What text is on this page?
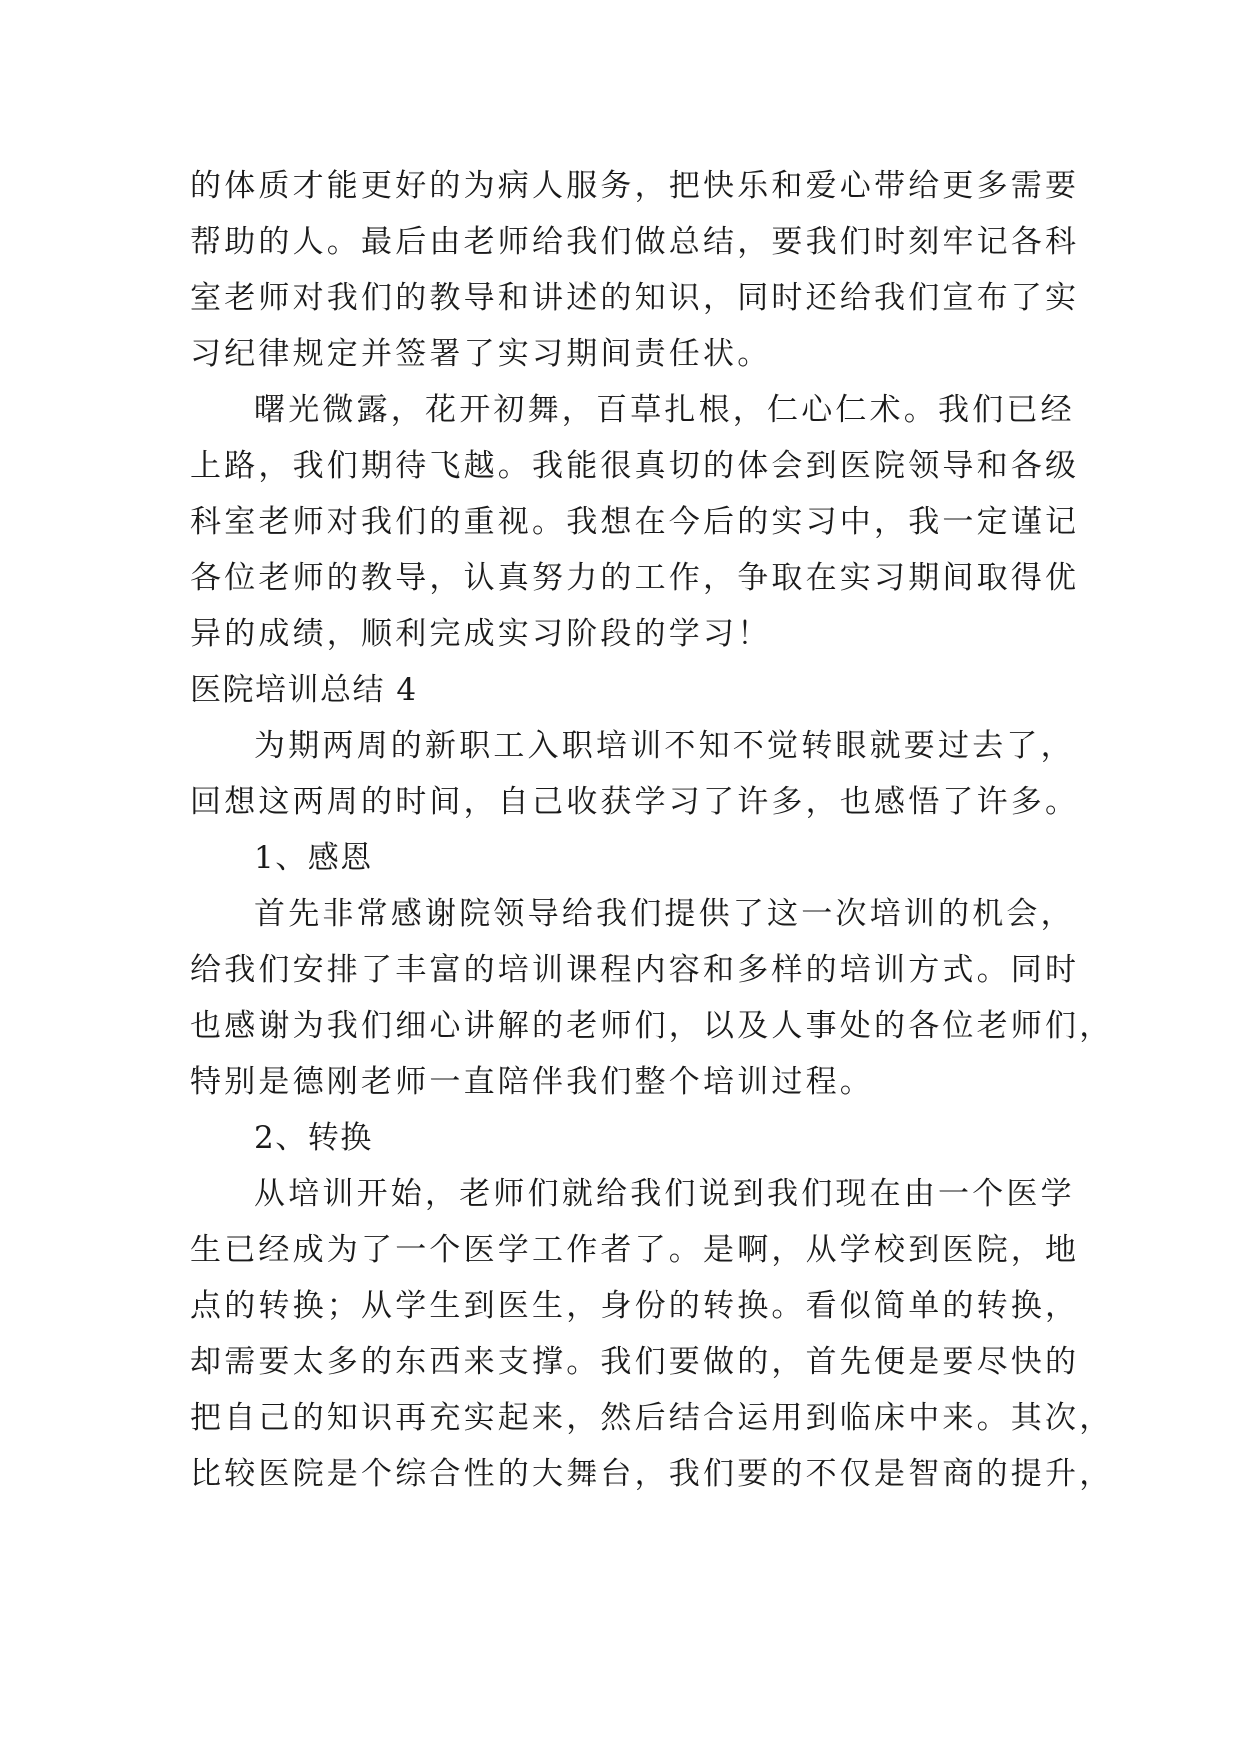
的体质才能更好的为病人服务，把快乐和爱心带给更多需要
帮助的人。最后由老师给我们做总结，要我们时刻牢记各科
室老师对我们的教导和讲述的知识，同时还给我们宣布了实
习纪律规定并签署了实习期间责任状。
曙光微露，花开初舞，百草扎根，仁心仁术。我们已经
上路，我们期待飞越。我能很真切的体会到医院领导和各级
科室老师对我们的重视。我想在今后的实习中，我一定谨记
各位老师的教导，认真努力的工作，争取在实习期间取得优
异的成绩，顺利完成实习阶段的学习！
医院培训总结 4
为期两周的新职工入职培训不知不觉转眼就要过去了，
回想这两周的时间，自己收获学习了许多，也感悟了许多。
1、感恩
首先非常感谢院领导给我们提供了这一次培训的机会，
给我们安排了丰富的培训课程内容和多样的培训方式。同时
也感谢为我们细心讲解的老师们，以及人事处的各位老师们，
特别是德刚老师一直陪伴我们整个培训过程。
2、转换
从培训开始，老师们就给我们说到我们现在由一个医学
生已经成为了一个医学工作者了。是啊，从学校到医院，地
点的转换；从学生到医生，身份的转换。看似简单的转换，
却需要太多的东西来支撑。我们要做的，首先便是要尽快的
把自己的知识再充实起来，然后结合运用到临床中来。其次，
比较医院是个综合性的大舞台，我们要的不仅是智商的提升，
